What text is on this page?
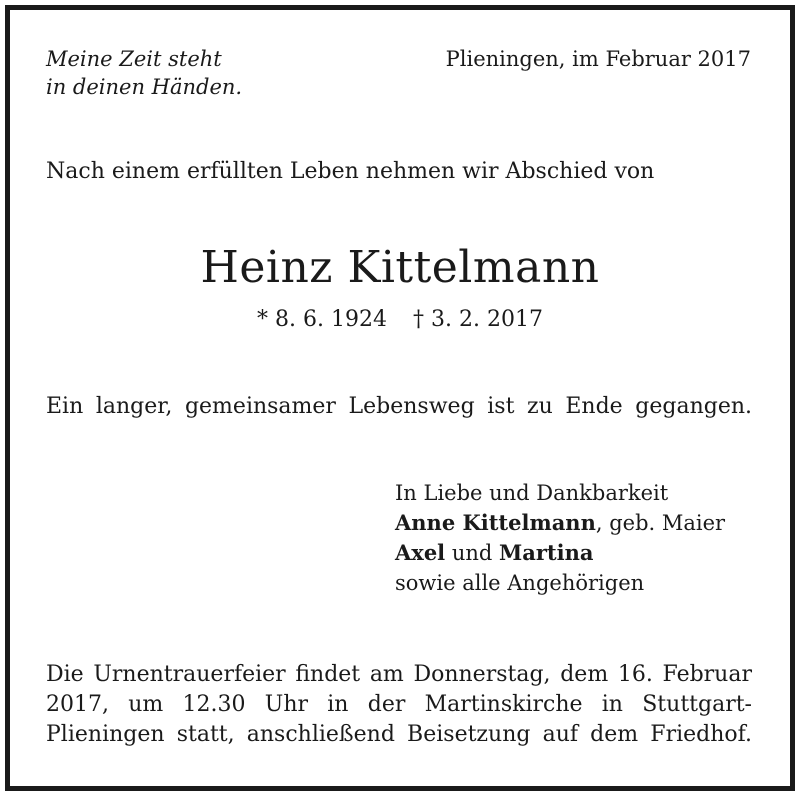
Meine Zeit steht
in deinen Händen.
Plieningen, im Februar 2017
Nach einem erfüllten Leben nehmen wir Abschied von
Heinz Kittelmann
* 8. 6. 1924 † 3. 2. 2017
Ein langer, gemeinsamer Lebensweg ist zu Ende gegangen.
In Liebe und Dankbarkeit
Anne Kittelmann, geb. Maier
Axel und Martina
sowie alle Angehörigen
Die Urnentrauerfeier findet am Donnerstag, dem 16. Februar
2017, um 12.30 Uhr in der Martinskirche in Stuttgart-
Plieningen statt, anschließend Beisetzung auf dem Friedhof.
